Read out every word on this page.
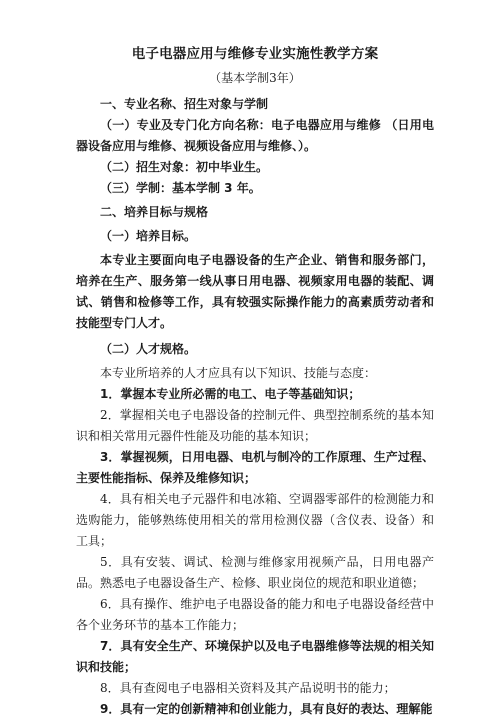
电子电器应用与维修专业实施性教学方案
（基本学制3年）

一、专业名称、招生对象与学制

（一）专业及专门化方向名称：电子电器应用与维修 （日用电器设备应用与维修、视频设备应用与维修、）。

（二）招生对象：初中毕业生。

（三）学制：基本学制 3 年。

二、培养目标与规格

（一）培养目标。

本专业主要面向电子电器设备的生产企业、销售和服务部门，培养在生产、服务第一线从事日用电器、视频家用电器的装配、调试、销售和检修等工作，具有较强实际操作能力的高素质劳动者和技能型专门人才。

（二）人才规格。

本专业所培养的人才应具有以下知识、技能与态度：

1．掌握本专业所必需的电工、电子等基础知识；

2．掌握相关电子电器设备的控制元件、典型控制系统的基本知识和相关常用元器件性能及功能的基本知识；

3．掌握视频，日用电器、电机与制冷的工作原理、生产过程、主要性能指标、保养及维修知识；

4．具有相关电子元器件和电冰箱、空调器零部件的检测能力和选购能力，能够熟练使用相关的常用检测仪器（含仪表、设备）和工具；

5．具有安装、调试、检测与维修家用视频产品，日用电器产品。熟悉电子电器设备生产、检修、职业岗位的规范和职业道德；

6．具有操作、维护电子电器设备的能力和电子电器设备经营中各个业务环节的基本工作能力；

7．具有安全生产、环境保护以及电子电器维修等法规的相关知识和技能；

8．具有查阅电子电器相关资料及其产品说明书的能力；

9．具有一定的创新精神和创业能力，具有良好的表达、理解能
